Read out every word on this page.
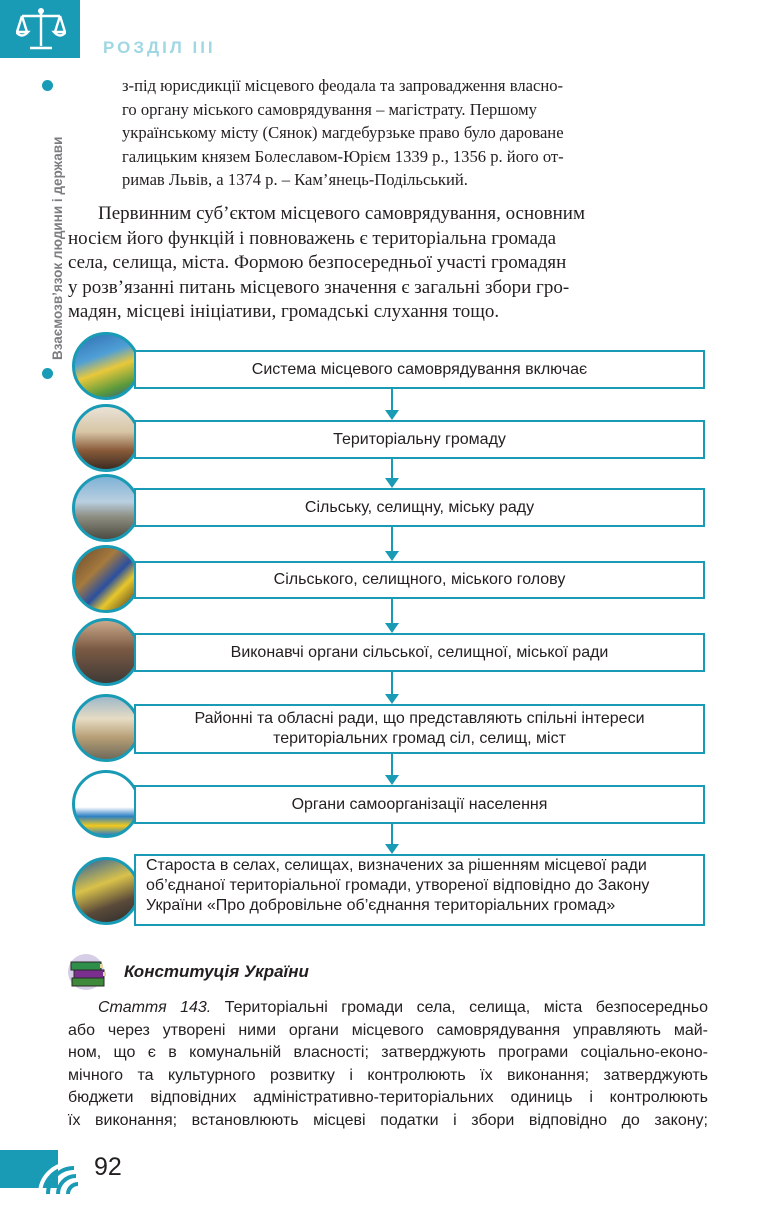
РОЗДІЛ III
Взаємозв’язок людини і держави
з-під юрисдикції місцевого феодала та запровадження власно-
го органу міського самоврядування – магістрату. Першому
українському місту (Сянок) магдебурзьке право було дароване
галицьким князем Болеславом-Юрієм 1339 р., 1356 р. його от-
римав Львів, а 1374 р. – Кам’янець-Подільський.
Первинним суб’єктом місцевого самоврядування, основним
носієм його функцій і повноважень є територіальна громада
села, селища, міста. Формою безпосередньої участі громадян
у розв’язанні питань місцевого значення є загальні збори гро-
мадян, місцеві ініціативи, громадські слухання тощо.
Система місцевого самоврядування включає
Територіальну громаду
Сільську, селищну, міську раду
Сільського, селищного, міського голову
Виконавчі органи сільської, селищної, міської ради
Районні та обласні ради, що представляють спільні інтереси
територіальних громад сіл, селищ, міст
Органи самоорганізації населення
Староста в селах, селищах, визначених за рішенням місцевої ради
об’єднаної територіальної громади, утвореної відповідно до Закону
України «Про добровільне об’єднання територіальних громад»
Конституція України
Стаття 143. Територіальні громади села, селища, міста безпосередньо
або через утворені ними органи місцевого самоврядування управляють май-
ном, що є в комунальній власності; затверджують програми соціально-еконо-
мічного та культурного розвитку і контролюють їх виконання; затверджують
бюджети відповідних адміністративно-територіальних одиниць і контролюють
їх виконання; встановлюють місцеві податки і збори відповідно до закону;
92
